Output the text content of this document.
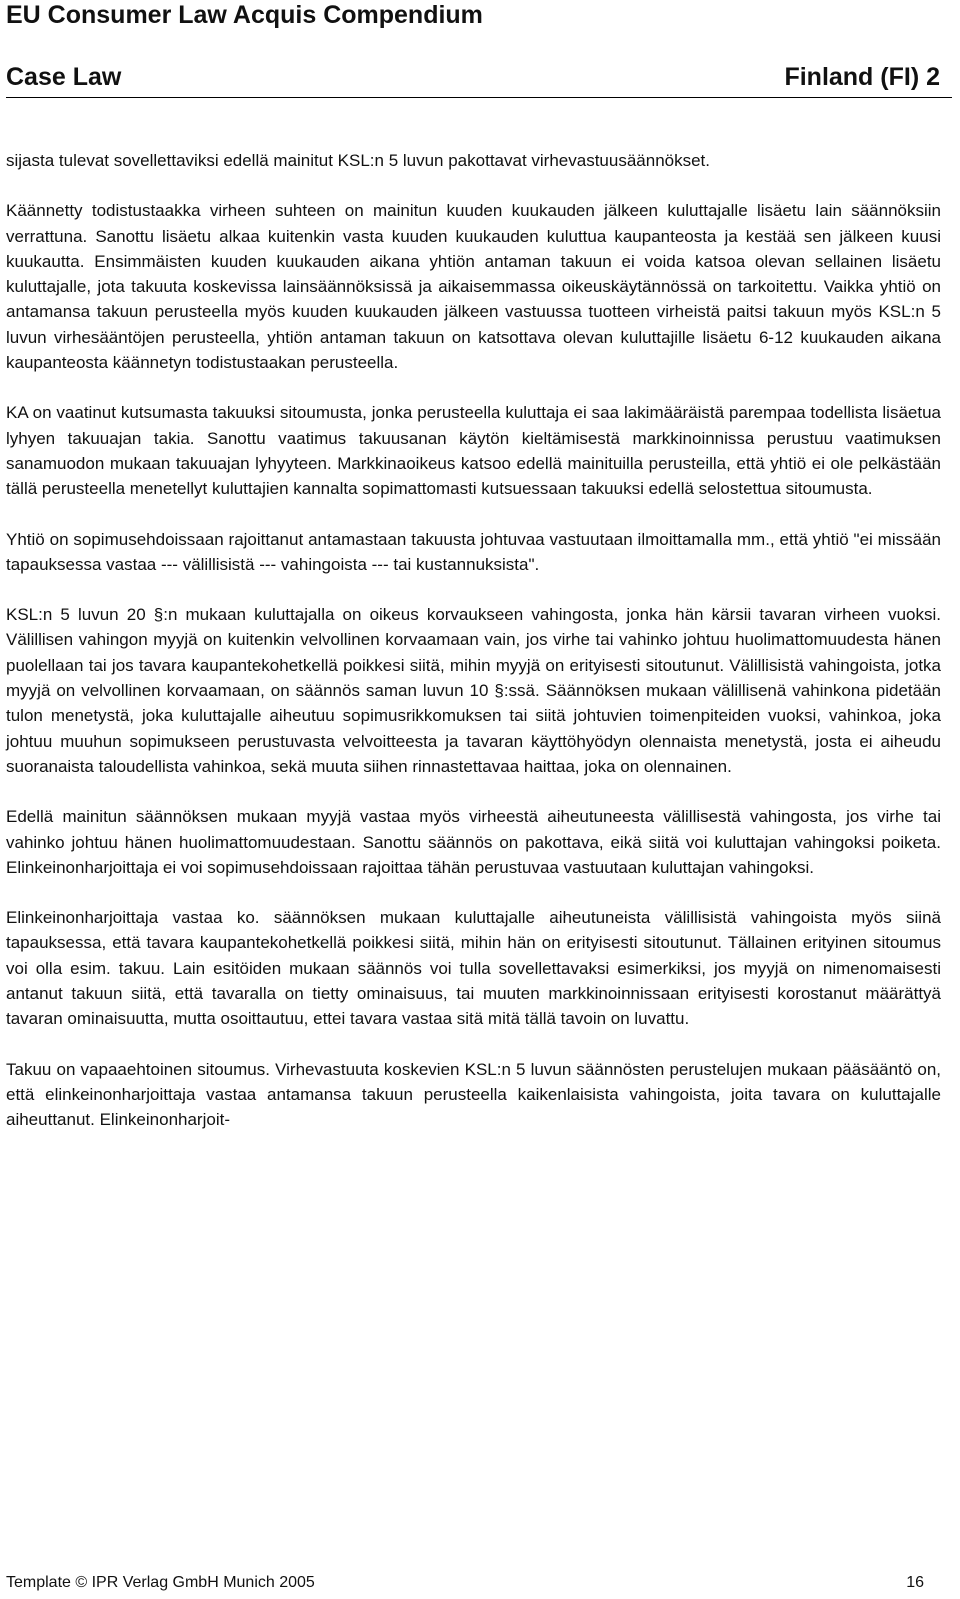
EU Consumer Law Acquis Compendium
Case Law	Finland (FI) 2

sijasta tulevat sovellettaviksi edellä mainitut KSL:n 5 luvun pakottavat virhevastuusäännökset.

Käännetty todistustaakka virheen suhteen on mainitun kuuden kuukauden jälkeen kuluttajalle lisäetu lain säännöksiin verrattuna. Sanottu lisäetu alkaa kuitenkin vasta kuuden kuukauden kuluttua kaupanteosta ja kestää sen jälkeen kuusi kuukautta. Ensimmäisten kuuden kuukauden aikana yhtiön antaman takuun ei voida katsoa olevan sellainen lisäetu kuluttajalle, jota takuuta koskevissa lainsäännöksissä ja aikaisemmassa oikeuskäytännössä on tarkoitettu. Vaikka yhtiö on antamansa takuun perusteella myös kuuden kuukauden jälkeen vastuussa tuotteen virheistä paitsi takuun myös KSL:n 5 luvun virhesääntöjen perusteella, yhtiön antaman takuun on katsottava olevan kuluttajille lisäetu 6-12 kuukauden aikana kaupanteosta käännetyn todistustaakan perusteella.

KA on vaatinut kutsumasta takuuksi sitoumusta, jonka perusteella kuluttaja ei saa lakimääräistä parempaa todellista lisäetua lyhyen takuuajan takia. Sanottu vaatimus takuusanan käytön kieltämisestä markkinoinnissa perustuu vaatimuksen sanamuodon mukaan takuuajan lyhyyteen. Markkinaoikeus katsoo edellä mainituilla perusteilla, että yhtiö ei ole pelkästään tällä perusteella menetellyt kuluttajien kannalta sopimattomasti kutsuessaan takuuksi edellä selostettua sitoumusta.

Yhtiö on sopimusehdoissaan rajoittanut antamastaan takuusta johtuvaa vastuutaan ilmoittamalla mm., että yhtiö "ei missään tapauksessa vastaa --- välillisistä --- vahingoista --- tai kustannuksista".

KSL:n 5 luvun 20 §:n mukaan kuluttajalla on oikeus korvaukseen vahingosta, jonka hän kärsii tavaran virheen vuoksi. Välillisen vahingon myyjä on kuitenkin velvollinen korvaamaan vain, jos virhe tai vahinko johtuu huolimattomuudesta hänen puolellaan tai jos tavara kaupantekohetkellä poikkesi siitä, mihin myyjä on erityisesti sitoutunut. Välillisistä vahingoista, jotka myyjä on velvollinen korvaamaan, on säännös saman luvun 10 §:ssä. Säännöksen mukaan välillisenä vahinkona pidetään tulon menetystä, joka kuluttajalle aiheutuu sopimusrikkomuksen tai siitä johtuvien toimenpiteiden vuoksi, vahinkoa, joka johtuu muuhun sopimukseen perustuvasta velvoitteesta ja tavaran käyttöhyödyn olennaista menetystä, josta ei aiheudu suoranaista taloudellista vahinkoa, sekä muuta siihen rinnastettavaa haittaa, joka on olennainen.

Edellä mainitun säännöksen mukaan myyjä vastaa myös virheestä aiheutuneesta välillisestä vahingosta, jos virhe tai vahinko johtuu hänen huolimattomuudestaan. Sanottu säännös on pakottava, eikä siitä voi kuluttajan vahingoksi poiketa. Elinkeinonharjoittaja ei voi sopimusehdoissaan rajoittaa tähän perustuvaa vastuutaan kuluttajan vahingoksi.

Elinkeinonharjoittaja vastaa ko. säännöksen mukaan kuluttajalle aiheutuneista välillisistä vahingoista myös siinä tapauksessa, että tavara kaupantekohetkellä poikkesi siitä, mihin hän on erityisesti sitoutunut. Tällainen erityinen sitoumus voi olla esim. takuu. Lain esitöiden mukaan säännös voi tulla sovellettavaksi esimerkiksi, jos myyjä on nimenomaisesti antanut takuun siitä, että tavaralla on tietty ominaisuus, tai muuten markkinoinnissaan erityisesti korostanut määrättyä tavaran ominaisuutta, mutta osoittautuu, ettei tavara vastaa sitä mitä tällä tavoin on luvattu.

Takuu on vapaaehtoinen sitoumus. Virhevastuuta koskevien KSL:n 5 luvun säännösten perustelujen mukaan pääsääntö on, että elinkeinonharjoittaja vastaa antamansa takuun perusteella kaikenlaisista vahingoista, joita tavara on kuluttajalle aiheuttanut. Elinkeinonharjoit-

Template © IPR Verlag GmbH Munich 2005	16
